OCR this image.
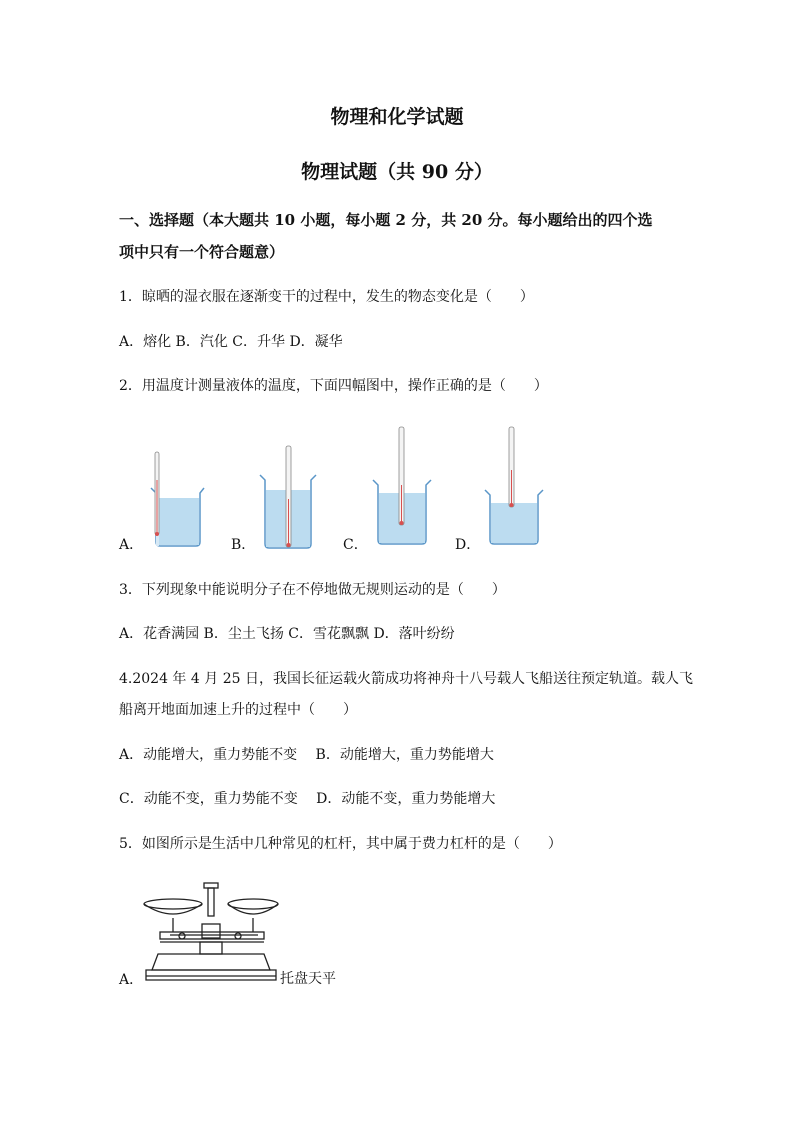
物理和化学试题
物理试题（共 90 分）
一、选择题（本大题共 10 小题，每小题 2 分，共 20 分。每小题给出的四个选
项中只有一个符合题意）
1．晾晒的湿衣服在逐渐变干的过程中，发生的物态变化是（　　）
A．熔化 B．汽化 C．升华 D．凝华
2．用温度计测量液体的温度，下面四幅图中，操作正确的是（　　）
A．	B．	C．	D．
3．下列现象中能说明分子在不停地做无规则运动的是（　　）
A．花香满园 B．尘土飞扬 C．雪花飘飘 D．落叶纷纷
4.2024 年 4 月 25 日，我国长征运载火箭成功将神舟十八号载人飞船送往预定轨道。载人飞
船离开地面加速上升的过程中（　　）
A．动能增大，重力势能不变　 B．动能增大，重力势能增大
C．动能不变，重力势能不变　 D．动能不变，重力势能增大
5．如图所示是生活中几种常见的杠杆，其中属于费力杠杆的是（　　）
A．	托盘天平
